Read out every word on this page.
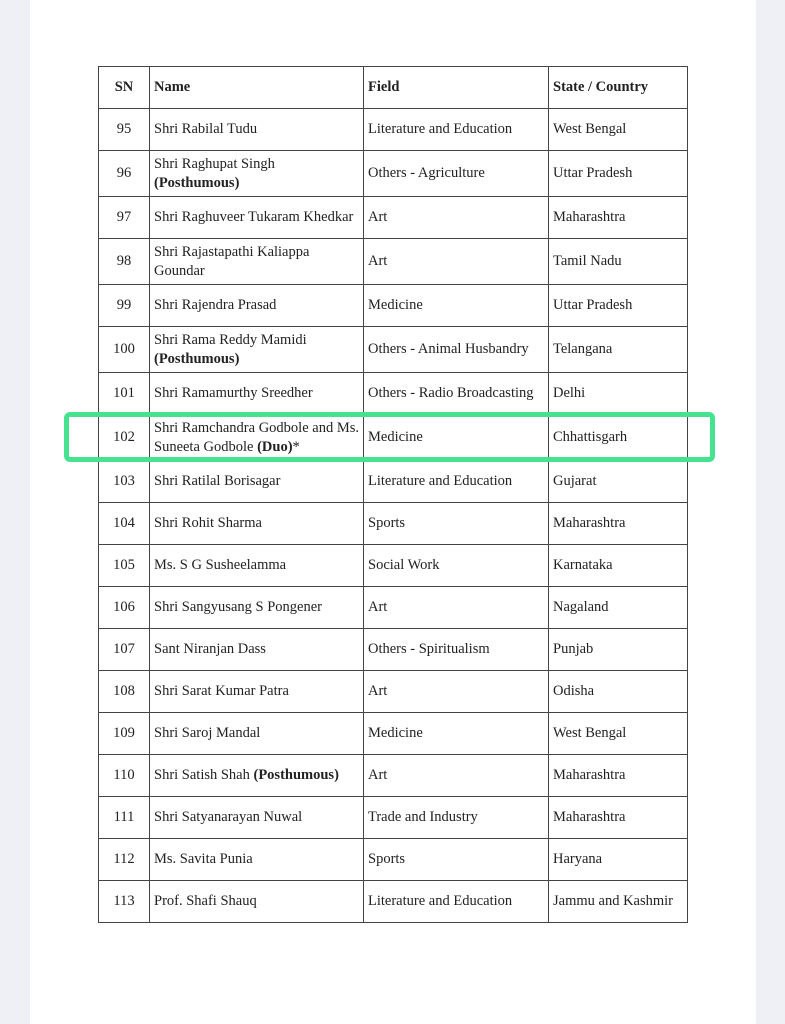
SN	Name	Field	State / Country
95	Shri Rabilal Tudu	Literature and Education	West Bengal
96	Shri Raghupat Singh (Posthumous)	Others - Agriculture	Uttar Pradesh
97	Shri Raghuveer Tukaram Khedkar	Art	Maharashtra
98	Shri Rajastapathi Kaliappa Goundar	Art	Tamil Nadu
99	Shri Rajendra Prasad	Medicine	Uttar Pradesh
100	Shri Rama Reddy Mamidi (Posthumous)	Others - Animal Husbandry	Telangana
101	Shri Ramamurthy Sreedher	Others - Radio Broadcasting	Delhi
102	Shri Ramchandra Godbole and Ms. Suneeta Godbole (Duo)*	Medicine	Chhattisgarh
103	Shri Ratilal Borisagar	Literature and Education	Gujarat
104	Shri Rohit Sharma	Sports	Maharashtra
105	Ms. S G Susheelamma	Social Work	Karnataka
106	Shri Sangyusang S Pongener	Art	Nagaland
107	Sant Niranjan Dass	Others - Spiritualism	Punjab
108	Shri Sarat Kumar Patra	Art	Odisha
109	Shri Saroj Mandal	Medicine	West Bengal
110	Shri Satish Shah (Posthumous)	Art	Maharashtra
111	Shri Satyanarayan Nuwal	Trade and Industry	Maharashtra
112	Ms. Savita Punia	Sports	Haryana
113	Prof. Shafi Shauq	Literature and Education	Jammu and Kashmir
